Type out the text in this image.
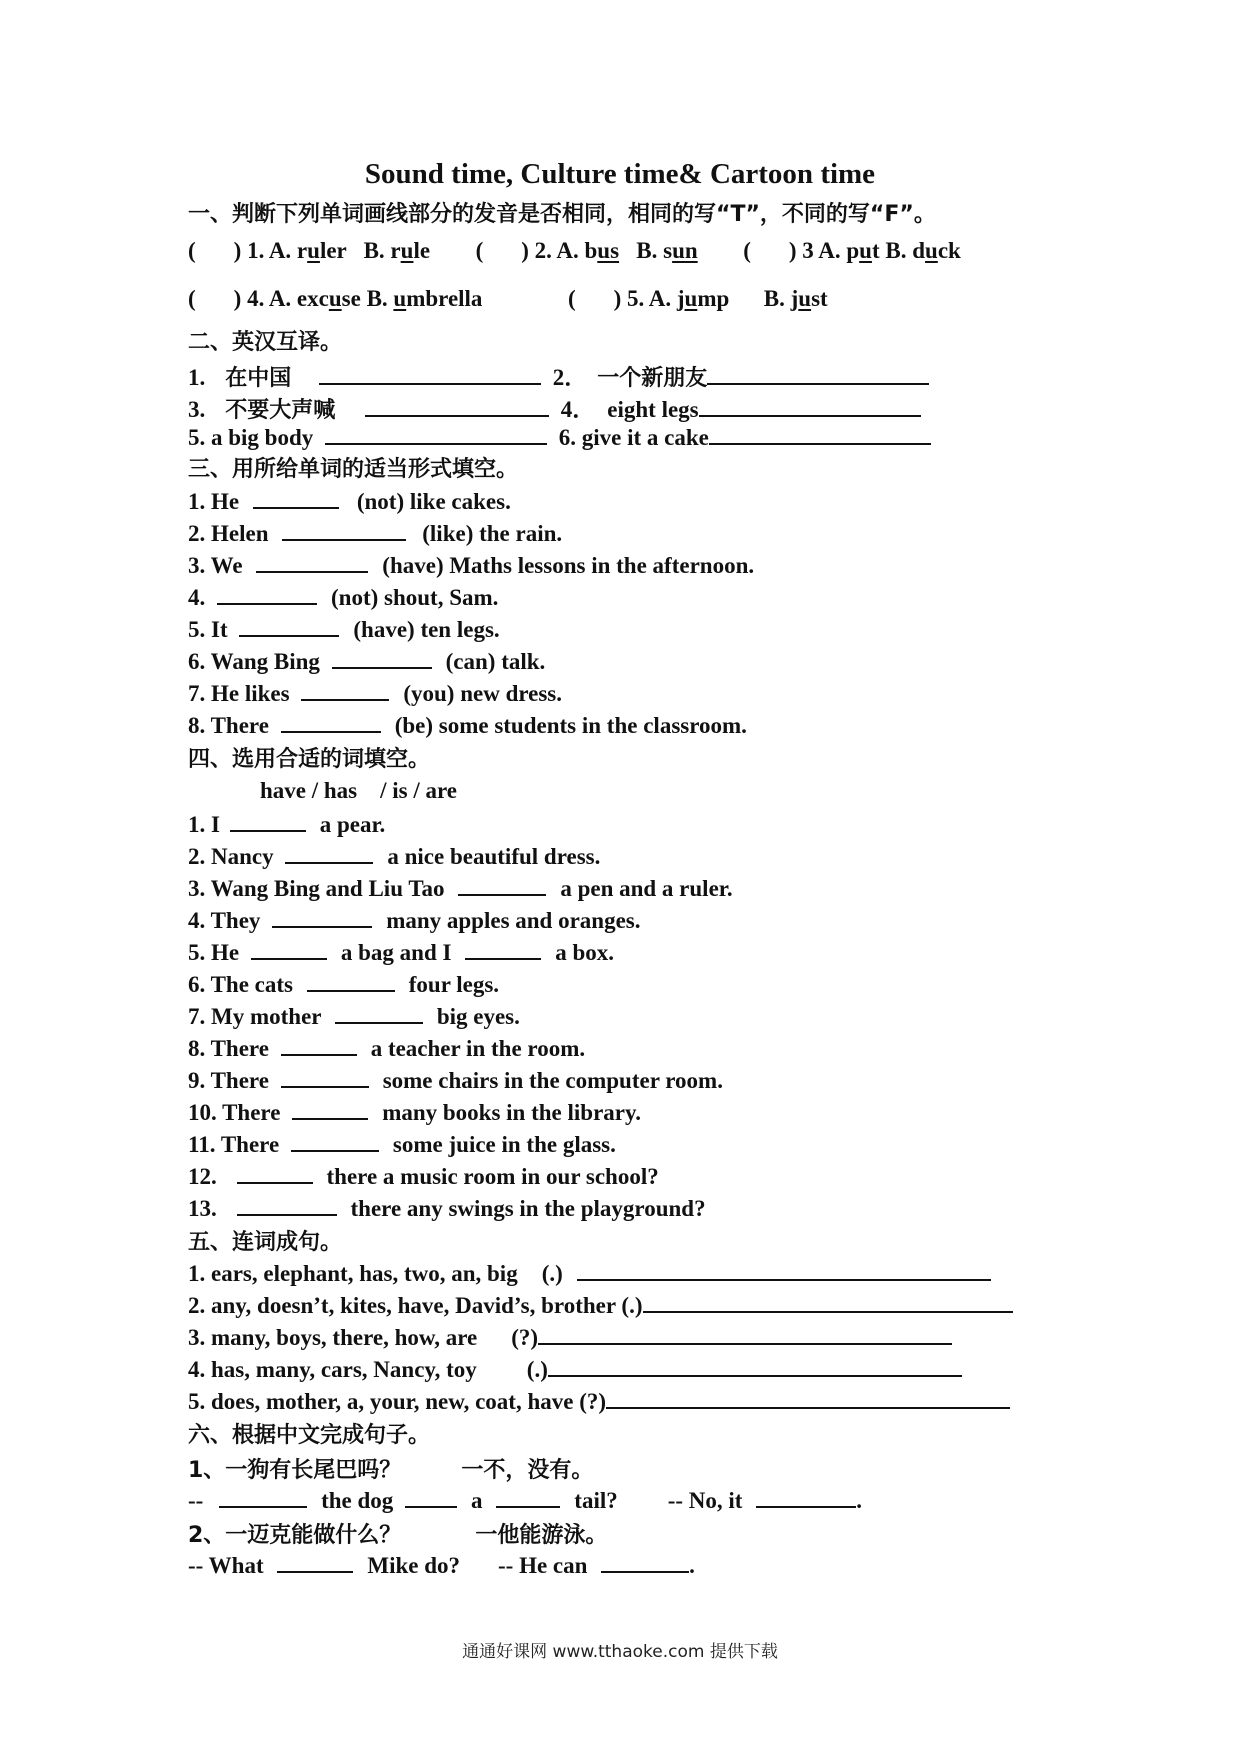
Sound time, Culture time& Cartoon time
一、判断下列单词画线部分的发音是否相同，相同的写“T”，不同的写“F”。
( ) 1. A. ruler   B. rule ( ) 2. A. bus   B. sun ( ) 3 A. put B. duck
( ) 4. A. excuse B. umbrella	( ) 5. A. jump      B. just
二、英汉互译。
1. 在中国	2． 一个新朋友
3. 不要大声喊	4． eight legs
5. a big body	6. give it a cake
三、用所给单词的适当形式填空。
1. He	(not) like cakes.
2. Helen	(like) the rain.
3. We	(have) Maths lessons in the afternoon.
4.	(not) shout, Sam.
5. It	(have) ten legs.
6. Wang Bing	(can) talk.
7. He likes	(you) new dress.
8. There	(be) some students in the classroom.
四、选用合适的词填空。
have / has    / is / are
1. I	a pear.
2. Nancy	a nice beautiful dress.
3. Wang Bing and Liu Tao	a pen and a ruler.
4. They	many apples and oranges.
5. He	a bag and I	a box.
6. The cats	four legs.
7. My mother	big eyes.
8. There	a teacher in the room.
9. There	some chairs in the computer room.
10. There	many books in the library.
11. There	some juice in the glass.
12.	there a music room in our school?
13.	there any swings in the playground?
五、连词成句。
1. ears, elephant, has, two, an, big (.)
2. any, doesn’t, kites, have, David’s, brother (.)
3. many, boys, there, how, are (?)
4. has, many, cars, Nancy, toy (.)
5. does, mother, a, your, new, coat, have (?)
六、根据中文完成句子。
1、一狗有长尾巴吗？	一不，没有。
--	the dog	a	tail? -- No, it	.
2、一迈克能做什么？	一他能游泳。
-- What	Mike do? -- He can	.
通通好课网 www.tthaoke.com 提供下载
